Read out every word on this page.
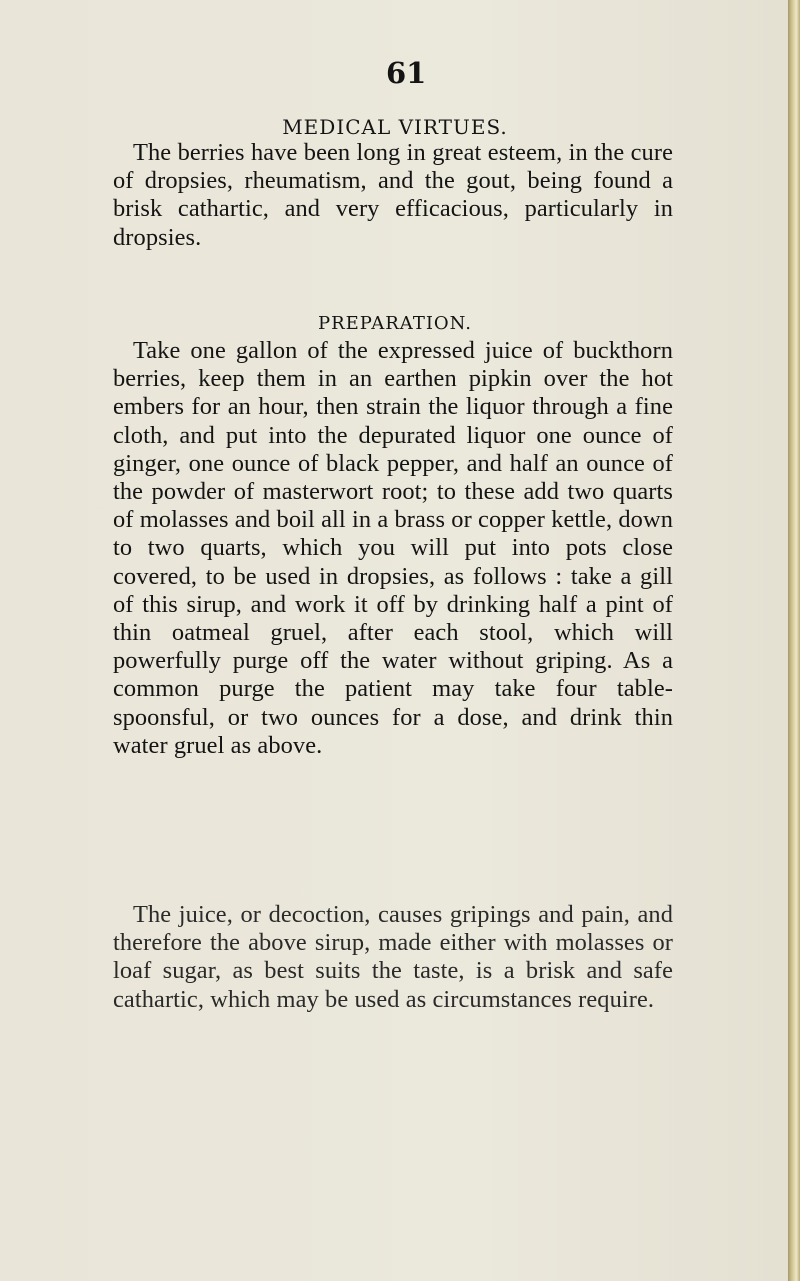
61
MEDICAL VIRTUES.

The berries have been long in great esteem, in the cure of dropsies, rheumatism, and the gout, being found a brisk cathartic, and very efficacious, particularly in dropsies.

PREPARATION.

Take one gallon of the expressed juice of buckthorn berries, keep them in an earthen pipkin over the hot embers for an hour, then strain the liquor through a fine cloth, and put into the depurated liquor one ounce of ginger, one ounce of black pepper, and half an ounce of the powder of masterwort root; to these add two quarts of molasses and boil all in a brass or copper kettle, down to two quarts, which you will put into pots close covered, to be used in dropsies, as follows : take a gill of this sirup, and work it off by drinking half a pint of thin oatmeal gruel, after each stool, which will powerfully purge off the water without griping. As a common purge the patient may take four table-spoonsful, or two ounces for a dose, and drink thin water gruel as above.

The juice, or decoction, causes gripings and pain, and therefore the above sirup, made either with molasses or loaf sugar, as best suits the taste, is a brisk and safe cathartic, which may be used as circumstances require.
